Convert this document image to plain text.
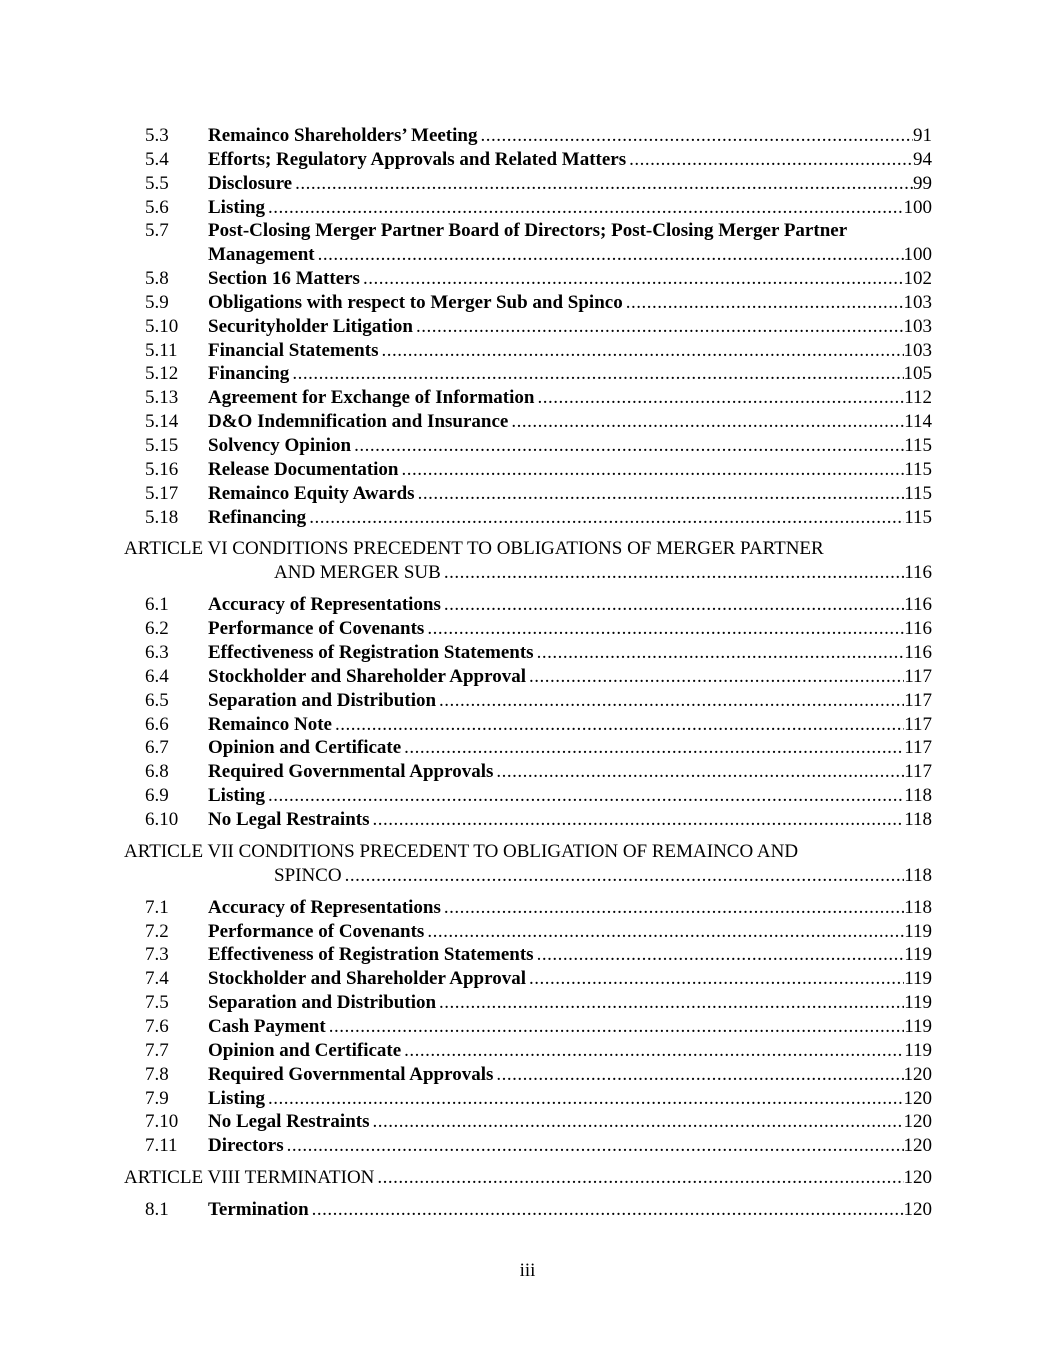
5.3 Remainco Shareholders’ Meeting .....	91
5.4 Efforts; Regulatory Approvals and Related Matters .....	94
5.5 Disclosure .....	99
5.6 Listing .....	100
5.7 Post-Closing Merger Partner Board of Directors; Post-Closing Merger Partner
Management .....	100
5.8 Section 16 Matters .....	102
5.9 Obligations with respect to Merger Sub and Spinco .....	103
5.10 Securityholder Litigation .....	103
5.11 Financial Statements .....	103
5.12 Financing .....	105
5.13 Agreement for Exchange of Information .....	112
5.14 D&O Indemnification and Insurance .....	114
5.15 Solvency Opinion .....	115
5.16 Release Documentation .....	115
5.17 Remainco Equity Awards .....	115
5.18 Refinancing .....	115
ARTICLE VI CONDITIONS PRECEDENT TO OBLIGATIONS OF MERGER PARTNER
AND MERGER SUB .....	116
6.1 Accuracy of Representations .....	116
6.2 Performance of Covenants .....	116
6.3 Effectiveness of Registration Statements .....	116
6.4 Stockholder and Shareholder Approval .....	117
6.5 Separation and Distribution .....	117
6.6 Remainco Note .....	117
6.7 Opinion and Certificate .....	117
6.8 Required Governmental Approvals .....	117
6.9 Listing .....	118
6.10 No Legal Restraints .....	118
ARTICLE VII CONDITIONS PRECEDENT TO OBLIGATION OF REMAINCO AND
SPINCO .....	118
7.1 Accuracy of Representations .....	118
7.2 Performance of Covenants .....	119
7.3 Effectiveness of Registration Statements .....	119
7.4 Stockholder and Shareholder Approval .....	119
7.5 Separation and Distribution .....	119
7.6 Cash Payment .....	119
7.7 Opinion and Certificate .....	119
7.8 Required Governmental Approvals .....	120
7.9 Listing .....	120
7.10 No Legal Restraints .....	120
7.11 Directors .....	120
ARTICLE VIII TERMINATION .....	120
8.1 Termination .....	120
iii
